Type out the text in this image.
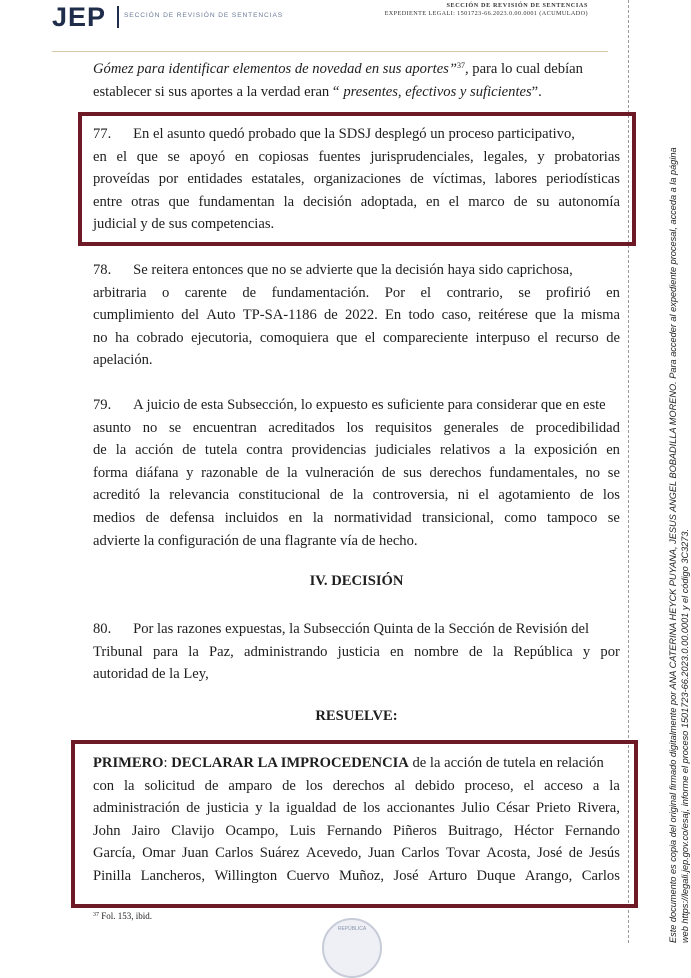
JEP	SECCIÓN DE REVISIÓN DE SENTENCIAS
SECCIÓN DE REVISIÓN DE SENTENCIAS
EXPEDIENTE LEGALI: 1501723-66.2023.0.00.0001 (ACUMULADO)
Este documento es copia del original firmado digitalmente por ANA CATERINA HEYCK PUYANA, JESUS ANGEL BOBADILLA MORENO. Para acceder al expediente procesal, acceda a la página web https://legali.jep.gov.co/esaj, informe el proceso 1501723-66.2023.0.00.0001 y el código 3C3273.
Gómez para identificar elementos de novedad en sus aportes”$^{37}$, para lo cual debían
establecer si sus aportes a la verdad eran “ presentes, efectivos y suficientes”.
77. En el asunto quedó probado que la SDSJ desplegó un proceso participativo,
en el que se apoyó en copiosas fuentes jurisprudenciales, legales, y probatorias
proveídas por entidades estatales, organizaciones de víctimas, labores periodísticas
entre otras que fundamentan la decisión adoptada, en el marco de su autonomía
judicial y de sus competencias.
78. Se reitera entonces que no se advierte que la decisión haya sido caprichosa,
arbitraria o carente de fundamentación. Por el contrario, se profirió en
cumplimiento del Auto TP-SA-1186 de 2022. En todo caso, reitérese que la misma
no ha cobrado ejecutoria, comoquiera que el compareciente interpuso el recurso de
apelación.
79. A juicio de esta Subsección, lo expuesto es suficiente para considerar que en este
asunto no se encuentran acreditados los requisitos generales de procedibilidad
de la acción de tutela contra providencias judiciales relativos a la exposición en
forma diáfana y razonable de la vulneración de sus derechos fundamentales, no se
acreditó la relevancia constitucional de la controversia, ni el agotamiento de los
medios de defensa incluidos en la normatividad transicional, como tampoco se
advierte la configuración de una flagrante vía de hecho.
IV. DECISIÓN
80. Por las razones expuestas, la Subsección Quinta de la Sección de Revisión del
Tribunal para la Paz, administrando justicia en nombre de la República y por
autoridad de la Ley,
RESUELVE:
PRIMERO: DECLARAR LA IMPROCEDENCIA de la acción de tutela en relación
con la solicitud de amparo de los derechos al debido proceso, el acceso a la
administración de justicia y la igualdad de los accionantes Julio César Prieto Rivera,
John Jairo Clavijo Ocampo, Luis Fernando Piñeros Buitrago, Héctor Fernando
García, Omar Juan Carlos Suárez Acevedo, Juan Carlos Tovar Acosta, José de Jesús
Pinilla Lancheros, Willington Cuervo Muñoz, José Arturo Duque Arango, Carlos
$^{37}$ Fol. 153, ibid.
REPÚBLICA
